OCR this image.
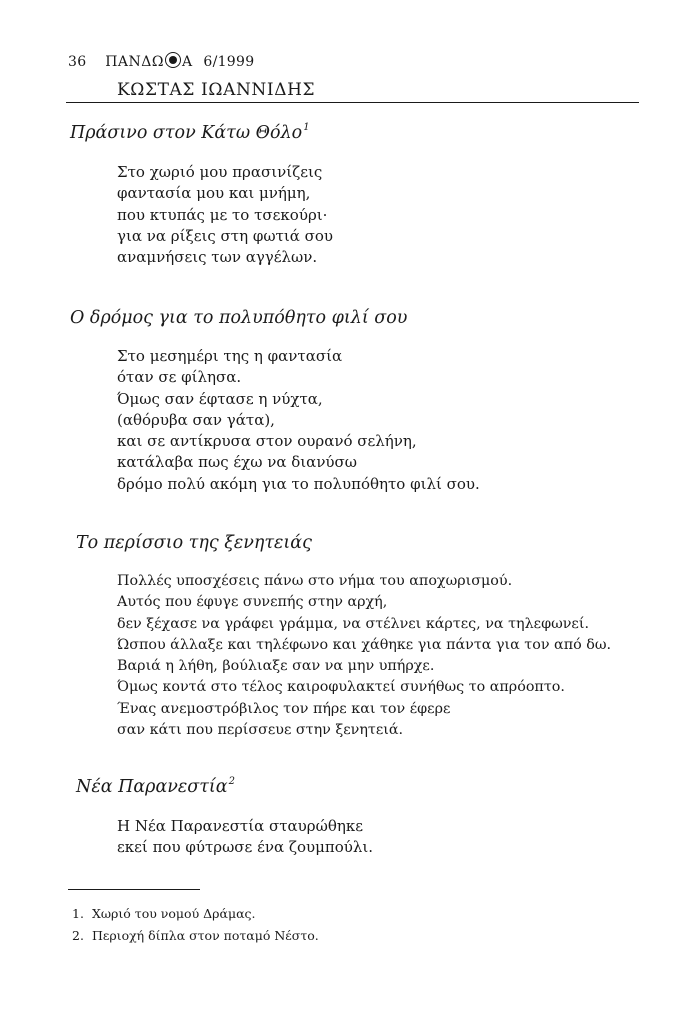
36 ΠΑΝΔΩ Α 6/1999
ΚΩΣΤΑΣ ΙΩΑΝΝΙΔΗΣ
Πράσινο στον Κάτω Θόλο$^1$
Στο χωριό μου πρασινίζεις
φαντασία μου και μνήμη,
που κτυπάς με το τσεκούρι·
για να ρίξεις στη φωτιά σου
αναμνήσεις των αγγέλων.
Ο δρόμος για το πολυπόθητο φιλί σου
Στο μεσημέρι της η φαντασία
όταν σε φίλησα.
Όμως σαν έφτασε η νύχτα,
(αθόρυβα σαν γάτα),
και σε αντίκρυσα στον ουρανό σελήνη,
κατάλαβα πως έχω να διανύσω
δρόμο πολύ ακόμη για το πολυπόθητο φιλί σου.
Το περίσσιο της ξενητειάς
Πολλές υποσχέσεις πάνω στο νήμα του αποχωρισμού.
Αυτός που έφυγε συνεπής στην αρχή,
δεν ξέχασε να γράφει γράμμα, να στέλνει κάρτες, να τηλεφωνεί.
Ώσπου άλλαξε και τηλέφωνο και χάθηκε για πάντα για τον από δω.
Βαριά η λήθη, βούλιαξε σαν να μην υπήρχε.
Όμως κοντά στο τέλος καιροφυλακτεί συνήθως το απρόοπτο.
Ένας ανεμοστρόβιλος τον πήρε και τον έφερε
σαν κάτι που περίσσευε στην ξενητειά.
Νέα Παρανεστία$^2$
Η Νέα Παρανεστία σταυρώθηκε
εκεί που φύτρωσε ένα ζουμπούλι.
1. Χωριό του νομού Δράμας.
2. Περιοχή δίπλα στον ποταμό Νέστο.
